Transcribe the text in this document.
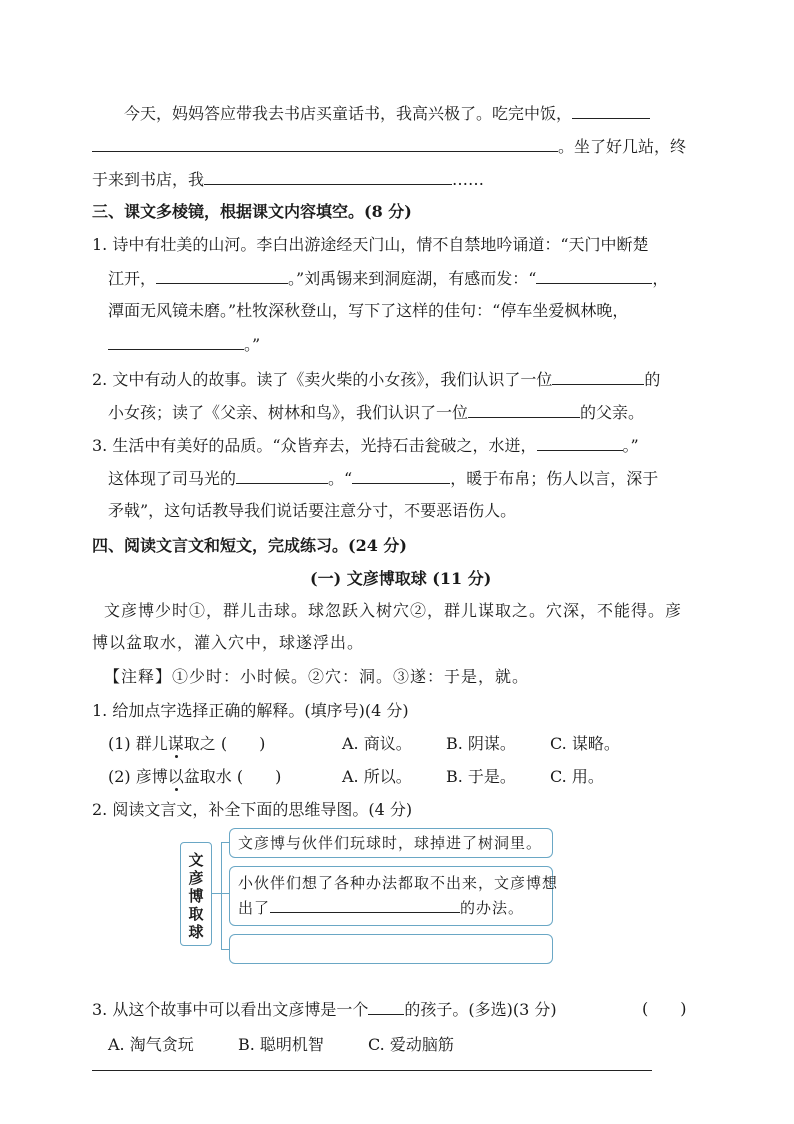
今天，妈妈答应带我去书店买童话书，我高兴极了。吃完中饭，
。坐了好几站，终
于来到书店，我	……
三、课文多棱镜，根据课文内容填空。(8 分)
1. 诗中有壮美的山河。李白出游途经天门山，情不自禁地吟诵道：“天门中断楚
江开，	。”刘禹锡来到洞庭湖，有感而发：“	，
潭面无风镜未磨。”杜牧深秋登山，写下了这样的佳句：“停车坐爱枫林晚，
。”
2. 文中有动人的故事。读了《卖火柴的小女孩》，我们认识了一位	的
小女孩；读了《父亲、树林和鸟》，我们认识了一位	的父亲。
3. 生活中有美好的品质。“众皆弃去，光持石击瓮破之，水迸，	。”
这体现了司马光的	。“	，暖于布帛；伤人以言，深于
矛戟”，这句话教导我们说话要注意分寸，不要恶语伤人。
四、阅读文言文和短文，完成练习。(24 分)
(一) 文彦博取球 (11 分)
文彦博少时①，群儿击球。球忽跃入树穴②，群儿谋取之。穴深，不能得。彦
博以盆取水，灌入穴中，球遂浮出。
【注释】①少时：小时候。②穴：洞。③遂：于是，就。
1. 给加点字选择正确的解释。(填序号)(4 分)
(1) 群儿谋取之 (　　)	A. 商议。 B. 阴谋。 C. 谋略。
(2) 彦博以盆取水 (　　)	A. 所以。 B. 于是。 C. 用。
2. 阅读文言文，补全下面的思维导图。(4 分)
文
彦
博
取
球
文彦博与伙伴们玩球时，球掉进了树洞里。
小伙伴们想了各种办法都取不出来，文彦博想
出了	的办法。
3. 从这个故事中可以看出文彦博是一个 的孩子。(多选)(3 分)	(　　)
A. 淘气贪玩	B. 聪明机智	C. 爱动脑筋
